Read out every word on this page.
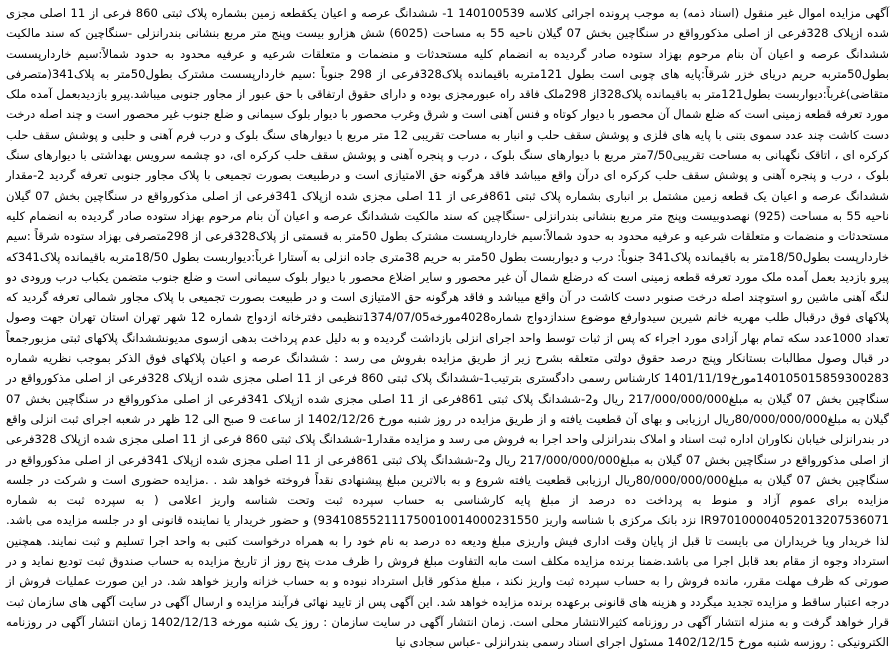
آگهی مزایده اموال غیر منقول (اسناد ذمه) به موجب پرونده اجرائی کلاسه 140100539 1- ششدانگ عرصه و اعیان یکقطعه زمین بشماره پلاک ثبتی 860 فرعی از 11 اصلی مجزی شده ازپلاک 328فرعی از اصلی مذکورواقع در سنگاچین بخش 07 گیلان ناحیه 55 به مساحت (6025) شش هزارو بیست وپنج متر مربع بنشانی بندرانزلی -سنگاچین که سند مالکیت ششدانگ عرصه و اعیان آن بنام مرحوم بهزاد ستوده صادر گردیده به انضمام کلیه مستحدثات و منضمات و متعلقات شرعیه و عرفیه محدود به حدود شمالاً:سیم خاردارپسست بطول50متربه حریم دریای خزر شرقاً:پایه های چوبی است بطول 121متربه باقیمانده پلاک328فرعی از 298 جنوباً :سیم خاردارپسست مشترک بطول50متر به پلاک341(متصرفی متقاضی)غرباً:دیواربست بطول121متر به باقیمانده پلاک328از 298ملک فاقد راه عبورمجزی بوده و دارای حقوق ارتفاقی با حق عبور از مجاور جنوبی میباشد.پیرو بازدیدبعمل آمده ملک مورد تعرفه قطعه زمینی است که ضلع شمال آن محصور با دیوار کوتاه و فنس آهنی است و شرق وغرب محصور با دیوار بلوک سیمانی و ضلع جنوب غیر محصور است و چند اصله درخت دست کاشت چند عدد سموی بتنی با پایه های فلزی و پوشش سقف حلب و انبار به مساحت تقریبی 12 متر مربع با دیوارهای سنگ بلوک و درب فرم آهنی و حلبی و پوشش سقف حلب کرکره ای ، اتاقک نگهبانی به مساحت تقریبی7/50متر مربع با دیوارهای سنگ بلوک ، درب و پنجره آهنی و پوشش سقف حلب کرکره ای، دو چشمه سرویس بهداشتی با دیوارهای سنگ بلوک ، درب و پنجره آهنی و پوشش سقف حلب کرکره ای درآن واقع میباشد فاقد هرگونه حق الامتیازی است و درطبیعت بصورت تجمیعی با پلاک مجاور جنوبی تعرفه گردید 2-مقدار ششدانگ عرصه و اعیان یک قطعه زمین مشتمل بر انباری بشماره پلاک ثبتی 861فرعی از 11 اصلی مجزی شده ازپلاک 341فرعی از اصلی مذکورواقع در سنگاچین بخش 07 گیلان ناحیه 55 به مساحت (925) نهصدوبیست وپنج متر مربع بنشانی بندرانزلی -سنگاچین که سند مالکیت ششدانگ عرصه و اعیان آن بنام مرحوم بهزاد ستوده صادر گردیده به انضمام کلیه مستحدثات و منضمات و متعلقات شرعیه و عرفیه محدود به حدود شمالاً:سیم خاردارپسست مشترک بطول 50متر به قسمتی از پلاک328فرعی از 298متصرفی بهزاد ستوده شرقاً :سیم خاردارپست بطول18/50متر به باقیمانده پلاک341 جنوباً: درب و دیواربست بطول 50متر به حریم 38متری جاده انزلی به آستارا غرباً:دیواربست بطول 18/50متربه باقیمانده پلاک341که پیرو بازدید بعمل آمده ملک مورد تعرفه قطعه زمینی است که درضلع شمال آن غیر محصور و سایر اضلاع محصور با دیوار بلوک سیمانی است و ضلع جنوب متضمن یکباب درب ورودی دو لنگه آهنی ماشین رو استوچند اصله درخت صنوبر دست کاشت در آن واقع میباشد و فاقد هرگونه حق الامتیازی است و در طبیعت بصورت تجمیعی با پلاک مجاور شمالی تعرفه گردید که پلاکهای فوق درقبال طلب مهریه خانم شیرین سیدوارفع موضوع سندازدواج شماره4028مورخه1374/07/05تنظیمی دفترخانه ازدواج شماره 12 شهر تهران استان تهران جهت وصول تعداد 1000عدد سکه تمام بهار آزادی مورد اجراء که پس از ثبات توسط واحد اجرای انزلی بازداشت گردیده و به دلیل عدم پرداخت بدهی ازسوی مدیونششدانگ پلاکهای ثبتی مزبورجمعاً در قبال وصول مطالبات بستانکار وپنج درصد حقوق دولتی متعلقه بشرح زیر از طریق مزایده بفروش می رسد : ششدانگ عرصه و اعیان پلاکهای فوق الذکر بموجب نظریه شماره 140105015859300283مورخ1401/11/19 کارشناس رسمی دادگستری بترتیب1-ششدانگ پلاک ثبتی 860 فرعی از 11 اصلی مجزی شده ازپلاک 328فرعی از اصلی مذکورواقع در سنگاچین بخش 07 گیلان به مبلغ217/000/000/000 ریال و2-ششدانگ پلاک ثبتی 861فرعی از 11 اصلی مجزی شده ازپلاک 341فرعی از اصلی مذکورواقع در سنگاچین بخش 07 گیلان به مبلغ80/000/000/000ریال ارزیابی و بهای آن قطعیت یافته و از طریق مزایده در روز شنبه مورخ 1402/12/26 از ساعت 9 صبح الی 12 ظهر در شعبه اجرای ثبت انزلی واقع در بندرانزلی خیابان نکاوران اداره ثبت اسناد و املاک بندرانزلی واحد اجرا به فروش می رسد و مزایده مقدار1-ششدانگ پلاک ثبتی 860 فرعی از 11 اصلی مجزی شده ازپلاک 328فرعی از اصلی مذکورواقع در سنگاچین بخش 07 گیلان به مبلغ217/000/000/000 ریال و2-ششدانگ پلاک ثبتی 861فرعی از 11 اصلی مجزی شده ازپلاک 341فرعی از اصلی مذکورواقع در سنگاچین بخش 07 گیلان به مبلغ80/000/000/000ریال ارزیابی قطعیت یافته شروع و به بالاترین مبلغ پیشنهادی نقداً فروخته خواهد شد . .مزایده حضوری است و شرکت در جلسه مزایده برای عموم آزاد و منوط به پرداخت ده درصد از مبلغ پایه کارشناسی به حساب سپرده ثبت وتحت شناسه واریز اعلامی ( به سپرده ثبت به شماره IR970100004052013207536071 نزد بانک مرکزی با شناسه واریز 934108552111750010014000231550) و حضور خریدار یا نماینده قانونی او در جلسه مزایده می باشد. لذا خریدار ویا خریداران می بایست تا قبل از پایان وقت اداری فیش واریزی مبلغ ودیعه ده درصد به نام خود را به همراه درخواست کتبی به واحد اجرا تسلیم و ثبت نمایند. همچنین استرداد وجوه از مقام بعد قابل اجرا می باشد.ضمنا برنده مزایده مکلف است مابه التفاوت مبلغ فروش را ظرف مدت پنج روز از تاریخ مزایده به حساب صندوق ثبت تودیع نماید و در صورتی که ظرف مهلت مقرر، مانده فروش را به حساب سپرده ثبت واریز نکند ، مبلغ مذکور قابل استرداد نبوده و به حساب خزانه واریز خواهد شد. در این صورت عملیات فروش از درجه اعتبار ساقط و مزایده تجدید میگردد و هزینه های قانونی برعهده برنده مزایده خواهد شد. این آگهی پس از تایید نهائی فرآیند مزایده و ارسال آگهی در سایت آگهی های سازمان ثبت قرار خواهد گرفت و به منزله انتشار آگهی در روزنامه کثیرالانتشار محلی است. زمان انتشار آگهی در سایت سازمان : روز یک شنبه مورخه 1402/12/13 زمان انتشار آگهی در روزنامه الکترونیکی : روزسه شنبه مورخ 1402/12/15 مسئول اجرای اسناد رسمی بندرانزلی -عباس سجادی نیا
